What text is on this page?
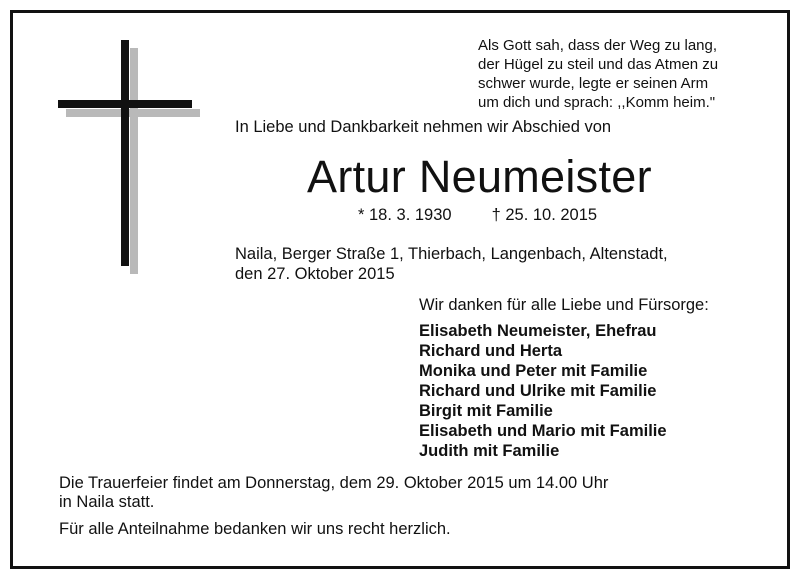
Als Gott sah, dass der Weg zu lang,
der Hügel zu steil und das Atmen zu
schwer wurde, legte er seinen Arm
um dich und sprach: ,,Komm heim."
In Liebe und Dankbarkeit nehmen wir Abschied von
Artur Neumeister
* 18. 3. 1930 † 25. 10. 2015
Naila, Berger Straße 1, Thierbach, Langenbach, Altenstadt,
den 27. Oktober 2015
Wir danken für alle Liebe und Fürsorge:
Elisabeth Neumeister, Ehefrau
Richard und Herta
Monika und Peter mit Familie
Richard und Ulrike mit Familie
Birgit mit Familie
Elisabeth und Mario mit Familie
Judith mit Familie
Die Trauerfeier findet am Donnerstag, dem 29. Oktober 2015 um 14.00 Uhr
in Naila statt.
Für alle Anteilnahme bedanken wir uns recht herzlich.
